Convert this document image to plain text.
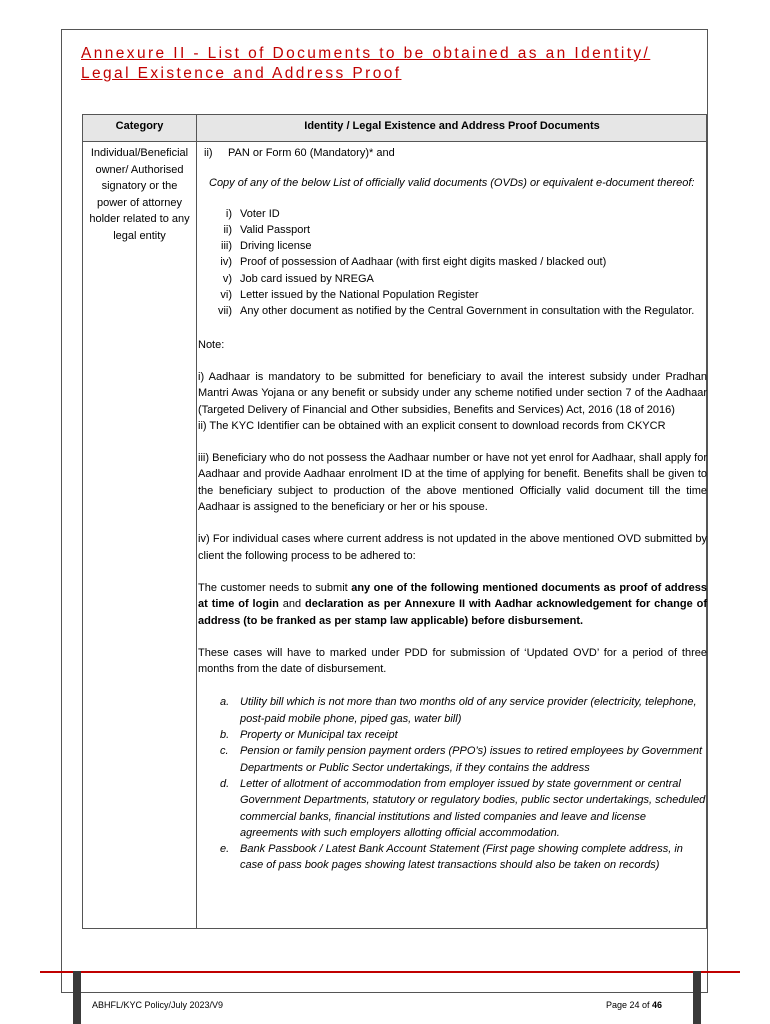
Annexure II - List of Documents to be obtained as an Identity/
Legal Existence and Address Proof
Category	Identity / Legal Existence and Address Proof Documents
Individual/Beneficial
owner/ Authorised
signatory or the
power of attorney
holder related to any
legal entity

ii) PAN or Form 60 (Mandatory)* and

Copy of any of the below List of officially valid documents (OVDs) or equivalent e-document thereof:

i) Voter ID
ii) Valid Passport
iii) Driving license
iv) Proof of possession of Aadhaar (with first eight digits masked / blacked out)
v) Job card issued by NREGA
vi) Letter issued by the National Population Register
vii) Any other document as notified by the Central Government in consultation with the Regulator.

Note:

i) Aadhaar is mandatory to be submitted for beneficiary to avail the interest subsidy under Pradhan Mantri Awas Yojana or any benefit or subsidy under any scheme notified under section 7 of the Aadhaar (Targeted Delivery of Financial and Other subsidies, Benefits and Services) Act, 2016 (18 of 2016)

ii) The KYC Identifier can be obtained with an explicit consent to download records from CKYCR

iii) Beneficiary who do not possess the Aadhaar number or have not yet enrol for Aadhaar, shall apply for Aadhaar and provide Aadhaar enrolment ID at the time of applying for benefit. Benefits shall be given to the beneficiary subject to production of the above mentioned Officially valid document till the time Aadhaar is assigned to the beneficiary or her or his spouse.

iv) For individual cases where current address is not updated in the above mentioned OVD submitted by client the following process to be adhered to:

The customer needs to submit any one of the following mentioned documents as proof of address at time of login and declaration as per Annexure II with Aadhar acknowledgement for change of address (to be franked as per stamp law applicable) before disbursement.

These cases will have to marked under PDD for submission of ‘Updated OVD’ for a period of three months from the date of disbursement.

a. Utility bill which is not more than two months old of any service provider (electricity, telephone, post-paid mobile phone, piped gas, water bill)
b. Property or Municipal tax receipt
c. Pension or family pension payment orders (PPO’s) issues to retired employees by Government Departments or Public Sector undertakings, if they contains the address
d. Letter of allotment of accommodation from employer issued by state government or central Government Departments, statutory or regulatory bodies, public sector undertakings, scheduled commercial banks, financial institutions and listed companies and leave and license agreements with such employers allotting official accommodation.
e. Bank Passbook / Latest Bank Account Statement (First page showing complete address, in case of pass book pages showing latest transactions should also be taken on records)
ABHFL/KYC Policy/July 2023/V9	Page 24 of 46
